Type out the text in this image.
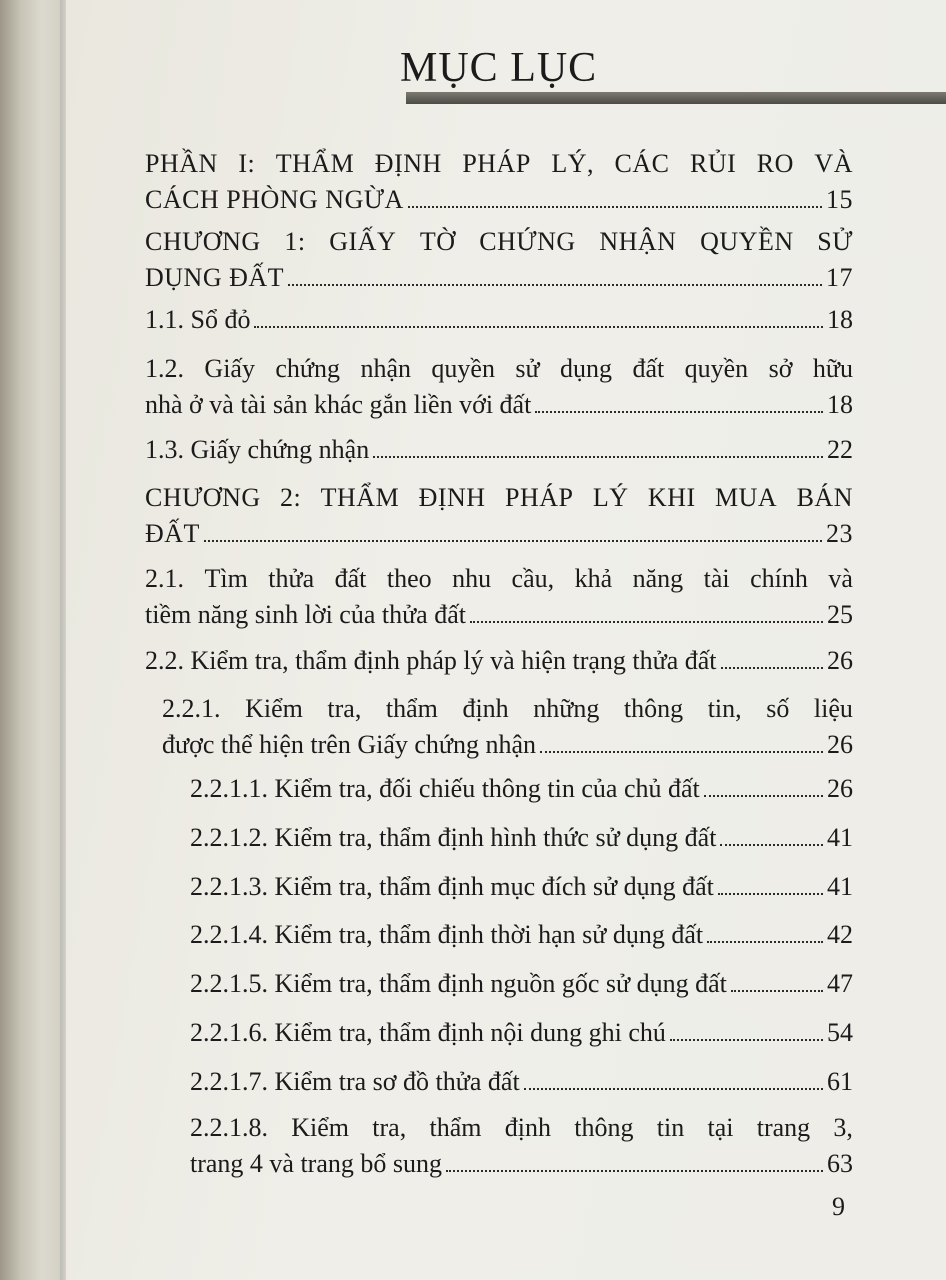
MỤC LỤC
PHẦN I: THẨM ĐỊNH PHÁP LÝ, CÁC RỦI RO VÀ
CÁCH PHÒNG NGỪA	15
CHƯƠNG 1: GIẤY TỜ CHỨNG NHẬN QUYỀN SỬ
DỤNG ĐẤT	17
1.1. Sổ đỏ	18
1.2. Giấy chứng nhận quyền sử dụng đất quyền sở hữu
nhà ở và tài sản khác gắn liền với đất	18
1.3. Giấy chứng nhận	22
CHƯƠNG 2: THẨM ĐỊNH PHÁP LÝ KHI MUA BÁN
ĐẤT	23
2.1. Tìm thửa đất theo nhu cầu, khả năng tài chính và
tiềm năng sinh lời của thửa đất	25
2.2. Kiểm tra, thẩm định pháp lý và hiện trạng thửa đất	26
2.2.1. Kiểm tra, thẩm định những thông tin, số liệu
được thể hiện trên Giấy chứng nhận	26
2.2.1.1. Kiểm tra, đối chiếu thông tin của chủ đất	26
2.2.1.2. Kiểm tra, thẩm định hình thức sử dụng đất	41
2.2.1.3. Kiểm tra, thẩm định mục đích sử dụng đất	41
2.2.1.4. Kiểm tra, thẩm định thời hạn sử dụng đất	42
2.2.1.5. Kiểm tra, thẩm định nguồn gốc sử dụng đất	47
2.2.1.6. Kiểm tra, thẩm định nội dung ghi chú	54
2.2.1.7. Kiểm tra sơ đồ thửa đất	61
2.2.1.8. Kiểm tra, thẩm định thông tin tại trang 3,
trang 4 và trang bổ sung	63
9
